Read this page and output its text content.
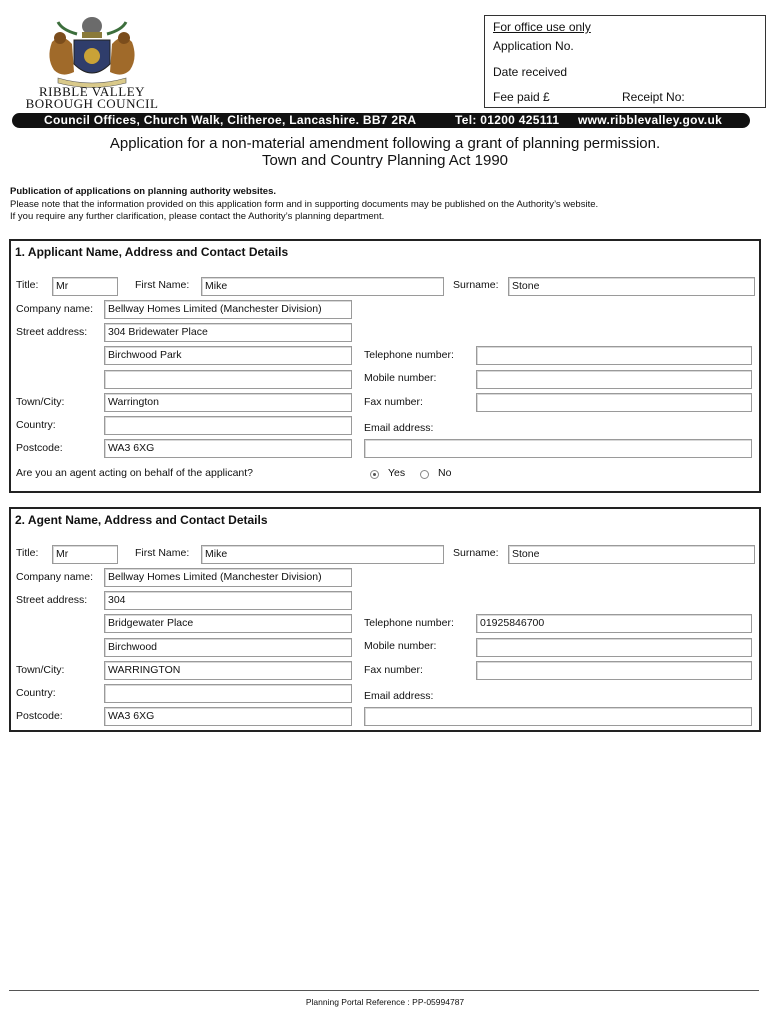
RIBBLE VALLEY
BOROUGH COUNCIL
For office use only
Application No.
Date received
Fee paid £	Receipt No:
Council Offices, Church Walk, Clitheroe, Lancashire. BB7 2RA	Tel: 01200 425111 www.ribblevalley.gov.uk
Application for a non-material amendment following a grant of planning permission.
Town and Country Planning Act 1990
Publication of applications on planning authority websites.
Please note that the information provided on this application form and in supporting documents may be published on the Authority’s website.
If you require any further clarification, please contact the Authority’s planning department.
1. Applicant Name, Address and Contact Details
Title:	Mr	First Name:	Mike	Surname:	Stone
Company name:	Bellway Homes Limited (Manchester Division)
Street address:	304 Bridewater Place
Birchwood Park
Town/City:	Warrington
Country:
Postcode:	WA3 6XG
Telephone number:
Mobile number:
Fax number:
Email address:
Are you an agent acting on behalf of the applicant?	Yes	No
2. Agent Name, Address and Contact Details
Title:	Mr	First Name:	Mike	Surname:	Stone
Company name:	Bellway Homes Limited (Manchester Division)
Street address:	304
Bridgewater Place
Birchwood
Town/City:	WARRINGTON
Country:
Postcode:	WA3 6XG
Telephone number:	01925846700
Mobile number:
Fax number:
Email address:
Planning Portal Reference : PP-05994787
